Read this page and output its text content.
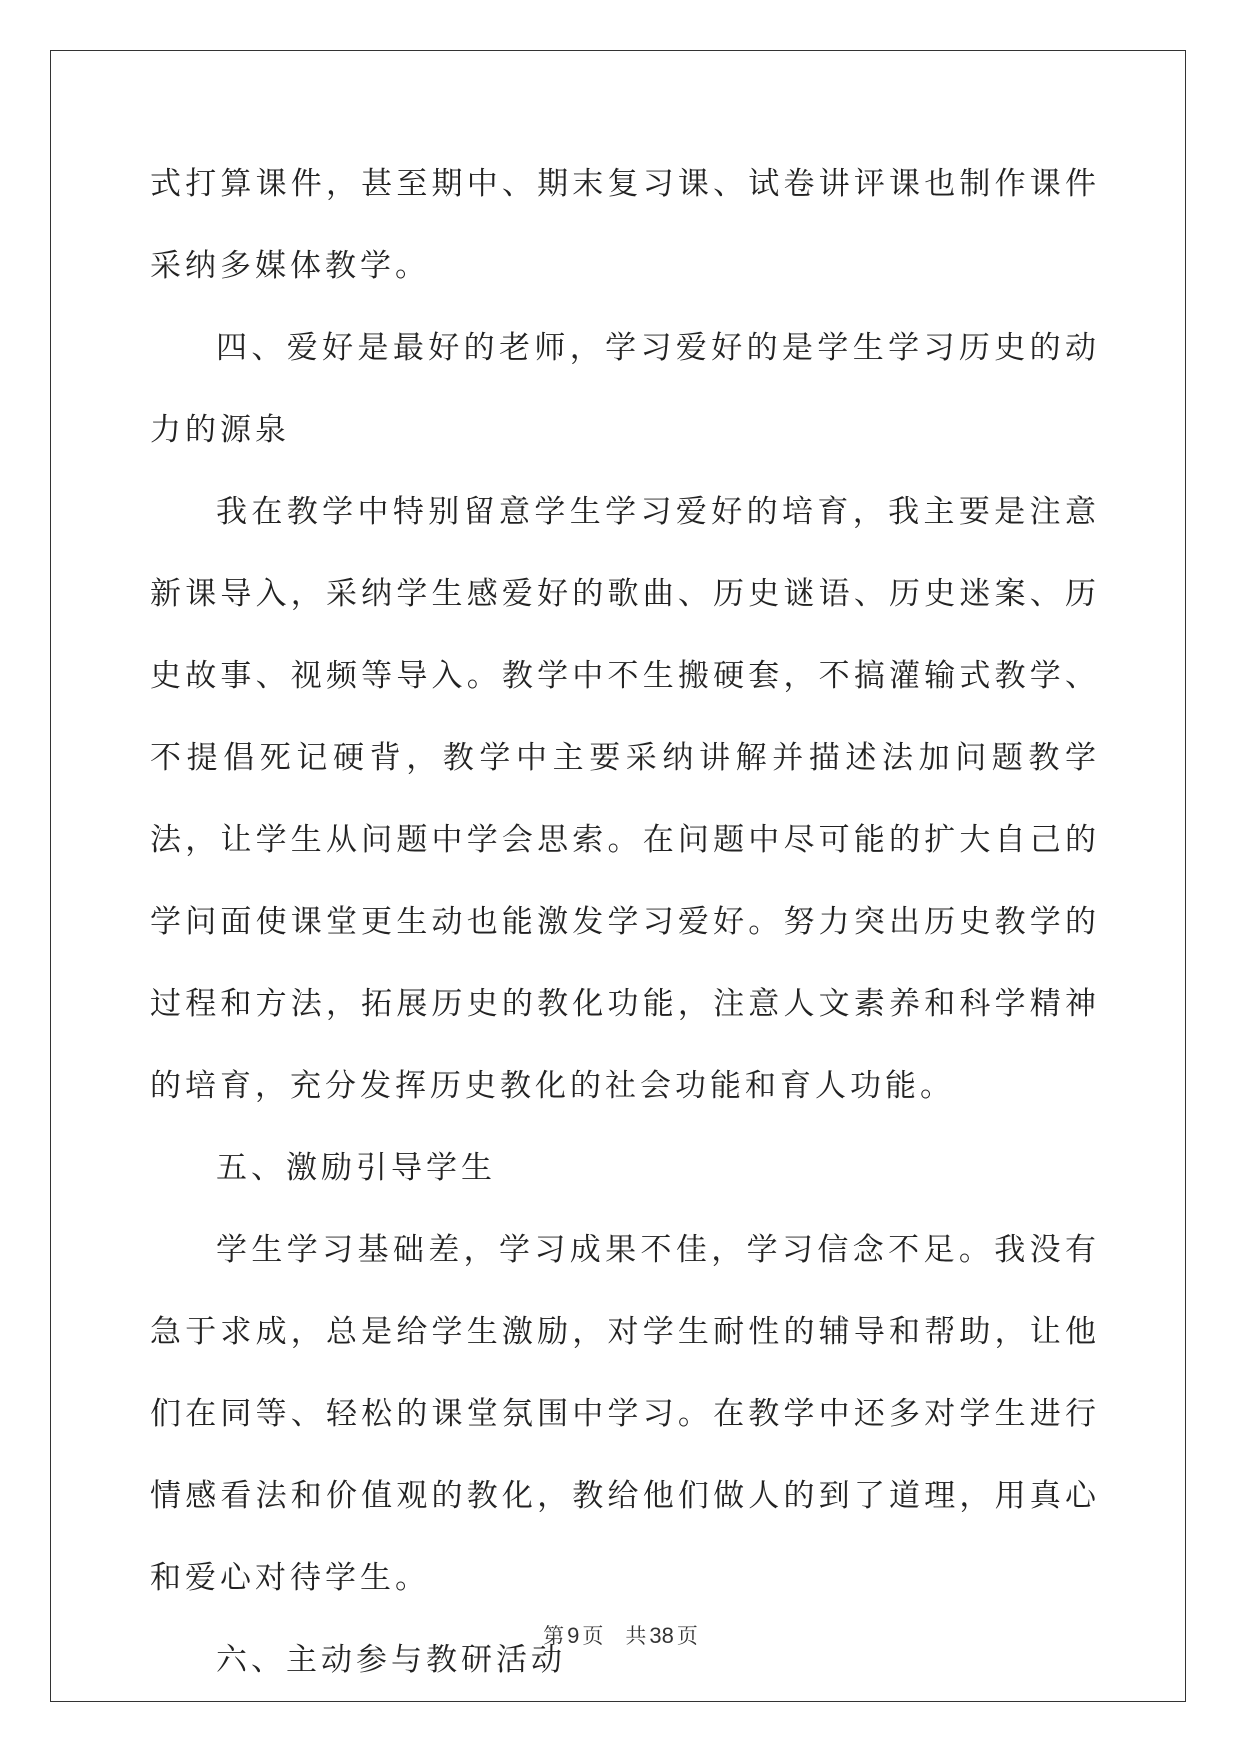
式打算课件，甚至期中、期末复习课、试卷讲评课也制作课件采纳多媒体教学。

四、爱好是最好的老师，学习爱好的是学生学习历史的动力的源泉

我在教学中特别留意学生学习爱好的培育，我主要是注意新课导入，采纳学生感爱好的歌曲、历史谜语、历史迷案、历史故事、视频等导入。教学中不生搬硬套，不搞灌输式教学、不提倡死记硬背，教学中主要采纳讲解并描述法加问题教学法，让学生从问题中学会思索。在问题中尽可能的扩大自己的学问面使课堂更生动也能激发学习爱好。努力突出历史教学的过程和方法，拓展历史的教化功能，注意人文素养和科学精神的培育，充分发挥历史教化的社会功能和育人功能。

五、激励引导学生

学生学习基础差，学习成果不佳，学习信念不足。我没有急于求成，总是给学生激励，对学生耐性的辅导和帮助，让他们在同等、轻松的课堂氛围中学习。在教学中还多对学生进行情感看法和价值观的教化，教给他们做人的到了道理，用真心和爱心对待学生。

六、主动参与教研活动

第 9 页 共 38 页
